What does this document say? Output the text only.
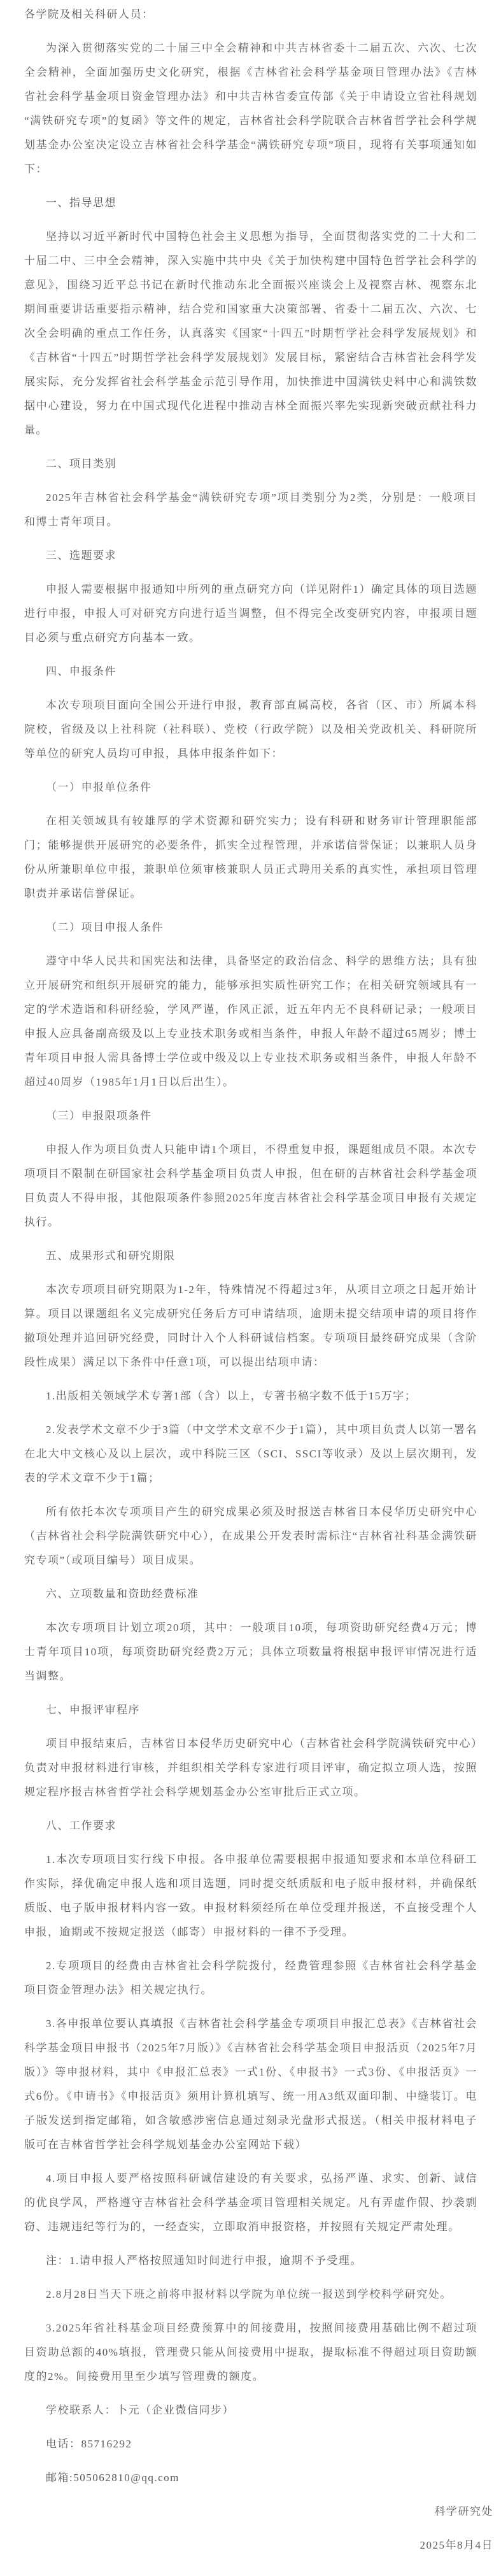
各学院及相关科研人员：

为深入贯彻落实党的二十届三中全会精神和中共吉林省委十二届五次、六次、七次全会精神，全面加强历史文化研究，根据《吉林省社会科学基金项目管理办法》《吉林省社会科学基金项目资金管理办法》和中共吉林省委宣传部《关于申请设立省社科规划“满铁研究专项”的复函》等文件的规定，吉林省社会科学院联合吉林省哲学社会科学规划基金办公室决定设立吉林省社会科学基金“满铁研究专项”项目，现将有关事项通知如下：

一、指导思想

坚持以习近平新时代中国特色社会主义思想为指导，全面贯彻落实党的二十大和二十届二中、三中全会精神，深入实施中共中央《关于加快构建中国特色哲学社会科学的意见》，围绕习近平总书记在新时代推动东北全面振兴座谈会上及视察吉林、视察东北期间重要讲话重要指示精神，结合党和国家重大决策部署、省委十二届五次、六次、七次全会明确的重点工作任务，认真落实《国家“十四五”时期哲学社会科学发展规划》和《吉林省“十四五”时期哲学社会科学发展规划》发展目标，紧密结合吉林省社会科学发展实际，充分发挥省社会科学基金示范引导作用，加快推进中国满铁史料中心和满铁数据中心建设，努力在中国式现代化进程中推动吉林全面振兴率先实现新突破贡献社科力量。

二、项目类别

2025年吉林省社会科学基金“满铁研究专项”项目类别分为2类，分别是：一般项目和博士青年项目。

三、选题要求

申报人需要根据申报通知中所列的重点研究方向（详见附件1）确定具体的项目选题进行申报，申报人可对研究方向进行适当调整，但不得完全改变研究内容，申报项目题目必须与重点研究方向基本一致。

四、申报条件

本次专项项目面向全国公开进行申报，教育部直属高校，各省（区、市）所属本科院校，省级及以上社科院（社科联）、党校（行政学院）以及相关党政机关、科研院所等单位的研究人员均可申报，具体申报条件如下：

（一）申报单位条件

在相关领域具有较雄厚的学术资源和研究实力；设有科研和财务审计管理职能部门；能够提供开展研究的必要条件，抓实全过程管理，并承诺信誉保证；以兼职人员身份从所兼职单位申报，兼职单位须审核兼职人员正式聘用关系的真实性，承担项目管理职责并承诺信誉保证。

（二）项目申报人条件

遵守中华人民共和国宪法和法律，具备坚定的政治信念、科学的思维方法；具有独立开展研究和组织开展研究的能力，能够承担实质性研究工作；在相关研究领域具有一定的学术造诣和科研经验，学风严谨，作风正派，近五年内无不良科研记录；一般项目申报人应具备副高级及以上专业技术职务或相当条件，申报人年龄不超过65周岁；博士青年项目申报人需具备博士学位或中级及以上专业技术职务或相当条件，申报人年龄不超过40周岁（1985年1月1日以后出生）。

（三）申报限项条件

申报人作为项目负责人只能申请1个项目，不得重复申报，课题组成员不限。本次专项项目不限制在研国家社会科学基金项目负责人申报，但在研的吉林省社会科学基金项目负责人不得申报，其他限项条件参照2025年度吉林省社会科学基金项目申报有关规定执行。

五、成果形式和研究期限

本次专项项目研究期限为1-2年，特殊情况不得超过3年，从项目立项之日起开始计算。项目以课题组名义完成研究任务后方可申请结项，逾期未提交结项申请的项目将作撤项处理并追回研究经费，同时计入个人科研诚信档案。专项项目最终研究成果（含阶段性成果）满足以下条件中任意1项，可以提出结项申请：

1.出版相关领域学术专著1部（含）以上，专著书稿字数不低于15万字；

2.发表学术文章不少于3篇（中文学术文章不少于1篇），其中项目负责人以第一署名在北大中文核心及以上层次，或中科院三区（SCI、SSCI等收录）及以上层次期刊，发表的学术文章不少于1篇；

所有依托本次专项项目产生的研究成果必须及时报送吉林省日本侵华历史研究中心（吉林省社会科学院满铁研究中心），在成果公开发表时需标注“吉林省社科基金满铁研究专项”（或项目编号）项目成果。

六、立项数量和资助经费标准

本次专项项目计划立项20项，其中：一般项目10项，每项资助研究经费4万元；博士青年项目10项，每项资助研究经费2万元；具体立项数量将根据申报评审情况进行适当调整。

七、申报评审程序

项目申报结束后，吉林省日本侵华历史研究中心（吉林省社会科学院满铁研究中心）负责对申报材料进行审核，并组织相关学科专家进行项目评审，确定拟立项人选，按照规定程序报吉林省哲学社会科学规划基金办公室审批后正式立项。

八、工作要求

1.本次专项项目实行线下申报。各申报单位需要根据申报通知要求和本单位科研工作实际，择优确定申报人选和项目选题，同时提交纸质版和电子版申报材料，并确保纸质版、电子版申报材料内容一致。申报材料须经所在单位受理并报送，不直接受理个人申报，逾期或不按规定报送（邮寄）申报材料的一律不予受理。

2.专项项目的经费由吉林省社会科学院拨付，经费管理参照《吉林省社会科学基金项目资金管理办法》相关规定执行。

3.各申报单位要认真填报《吉林省社会科学基金专项项目申报汇总表》《吉林省社会科学基金项目申报书（2025年7月版）》《吉林省社会科学基金项目申报活页（2025年7月版）》等申报材料，其中《申报汇总表》一式1份、《申报书》一式3份、《申报活页》一式6份。《申请书》《申报活页》须用计算机填写、统一用A3纸双面印制、中缝装订。电子版发送到指定邮箱，如含敏感涉密信息通过刻录光盘形式报送。（相关申报材料电子版可在吉林省哲学社会科学规划基金办公室网站下载）

4.项目申报人要严格按照科研诚信建设的有关要求，弘扬严谨、求实、创新、诚信的优良学风，严格遵守吉林省社会科学基金项目管理相关规定。凡有弄虚作假、抄袭剽窃、违规违纪等行为的，一经查实，立即取消申报资格，并按照有关规定严肃处理。

注：1.请申报人严格按照通知时间进行申报，逾期不予受理。

2.8月28日当天下班之前将申报材料以学院为单位统一报送到学校科学研究处。

3.2025年省社科基金项目经费预算中的间接费用，按照间接费用基础比例不超过项目资助总额的40%填报，管理费只能从间接费用中提取，提取标准不得超过项目资助额度的2%。间接费用里至少填写管理费的额度。

学校联系人：卜元（企业微信同步）

电话：85716292

邮箱:505062810@qq.com

科学研究处

2025年8月4日
